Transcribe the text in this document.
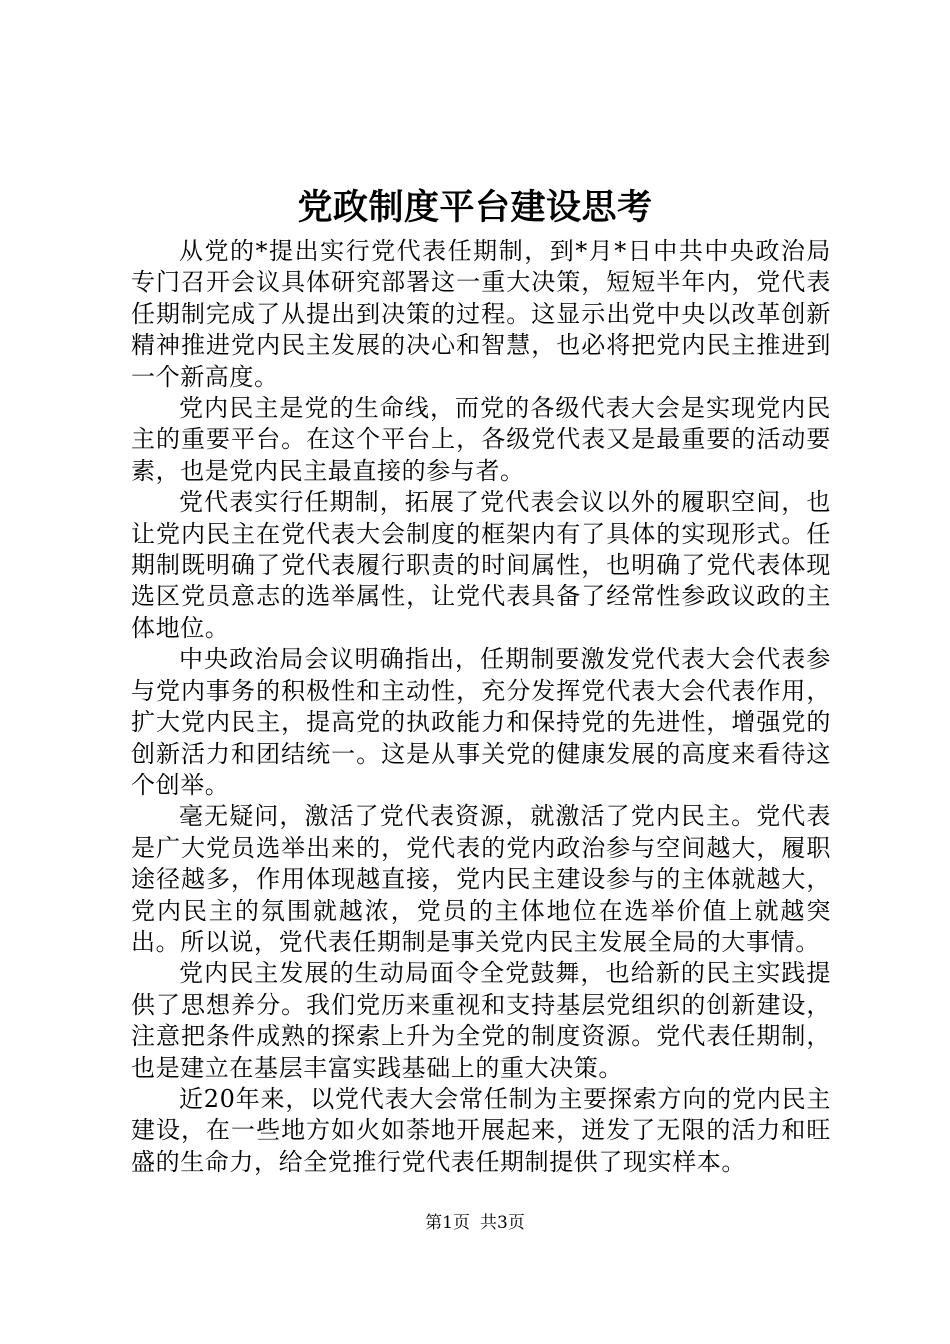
党政制度平台建设思考

从党的*提出实行党代表任期制，到*月*日中共中央政治局专门召开会议具体研究部署这一重大决策，短短半年内，党代表任期制完成了从提出到决策的过程。这显示出党中央以改革创新精神推进党内民主发展的决心和智慧，也必将把党内民主推进到一个新高度。

党内民主是党的生命线，而党的各级代表大会是实现党内民主的重要平台。在这个平台上，各级党代表又是最重要的活动要素，也是党内民主最直接的参与者。

党代表实行任期制，拓展了党代表会议以外的履职空间，也让党内民主在党代表大会制度的框架内有了具体的实现形式。任期制既明确了党代表履行职责的时间属性，也明确了党代表体现选区党员意志的选举属性，让党代表具备了经常性参政议政的主体地位。

中央政治局会议明确指出，任期制要激发党代表大会代表参与党内事务的积极性和主动性，充分发挥党代表大会代表作用，扩大党内民主，提高党的执政能力和保持党的先进性，增强党的创新活力和团结统一。这是从事关党的健康发展的高度来看待这个创举。

毫无疑问，激活了党代表资源，就激活了党内民主。党代表是广大党员选举出来的，党代表的党内政治参与空间越大，履职途径越多，作用体现越直接，党内民主建设参与的主体就越大，党内民主的氛围就越浓，党员的主体地位在选举价值上就越突出。所以说，党代表任期制是事关党内民主发展全局的大事情。

党内民主发展的生动局面令全党鼓舞，也给新的民主实践提供了思想养分。我们党历来重视和支持基层党组织的创新建设，注意把条件成熟的探索上升为全党的制度资源。党代表任期制，也是建立在基层丰富实践基础上的重大决策。

近20年来，以党代表大会常任制为主要探索方向的党内民主建设，在一些地方如火如荼地开展起来，迸发了无限的活力和旺盛的生命力，给全党推行党代表任期制提供了现实样本。

第1页 共3页
